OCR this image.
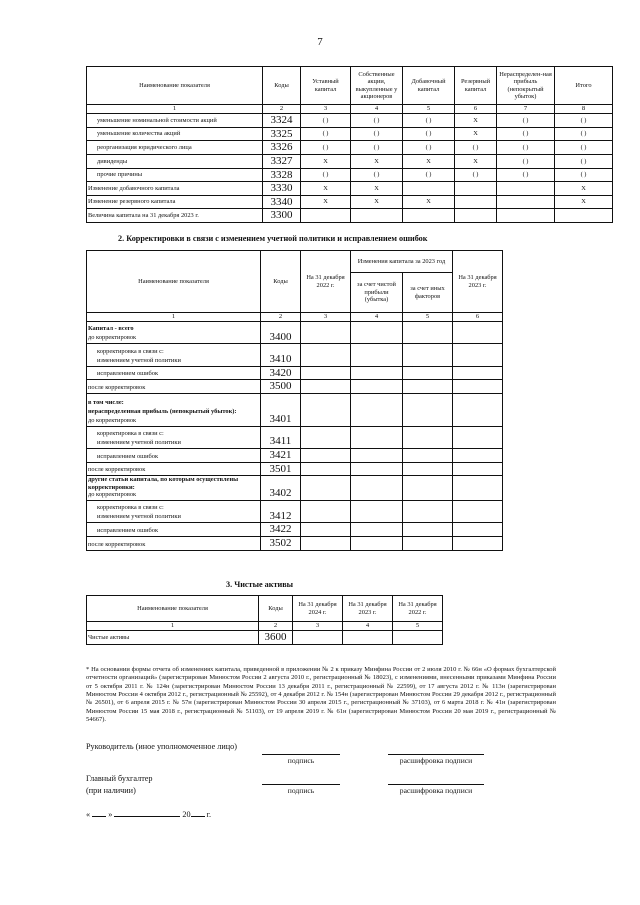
7
Наименование показателя	Коды	Уставный капитал	Собственные акции, выкупленные у акционеров	Добавочный капитал	Резервный капитал	Нераспределен-ная прибыль (непокрытый убыток)	Итого
1	2	3	4	5	6	7	8
уменьшение номинальной стоимости акций	3324	( )	( )	( )	X	( )	( )
уменьшение количества акций	3325	( )	( )	( )	X	( )	( )
реорганизация юридического лица	3326	( )	( )	( )	( )	( )	( )
дивиденды	3327	X	X	X	X	( )	( )
прочие причины	3328	( )	( )	( )	( )	( )	( )
Изменение добавочного капитала	3330	X	X				X
Изменение резервного капитала	3340	X	X	X			X
Величина капитала на 31 декабря 2023 г.	3300						
2. Корректировки в связи с изменением учетной политики и исправлением ошибок
Наименование показателя	Коды	На 31 декабря 2022 г.	Изменения капитала за 2023 год		На 31 декабря 2023 г.
			за счет чистой прибыли (убытка)	за счет иных факторов	
1	2	3	4	5	6

Капитал - всего
до корректировок	3400				

корректировка в связи с:
изменением учетной политики	3410				

исправлением ошибок	3420				

после корректировок	3500				

в том числе:
нераспределенная прибыль (непокрытый убыток):
до корректировок	3401				

корректировка в связи с:
изменением учетной политики	3411				

исправлением ошибок	3421				

после корректировок	3501				

другие статьи капитала, по которым осуществлены корректировки:
до корректировок	3402				

корректировка в связи с:
изменением учетной политики	3412				

исправлением ошибок	3422				

после корректировок	3502				
3. Чистые активы
Наименование показателя	Коды	На 31 декабря 2024 г.	На 31 декабря 2023 г.	На 31 декабря 2022 г.
1	2	3	4	5
Чистые активы	3600			
* На основании формы отчета об изменениях капитала, приведенной в приложении № 2 к приказу Минфина России от 2 июля 2010 г. № 66н «О формах бухгалтерской отчетности организаций» (зарегистрирован Минюстом России 2 августа 2010 г., регистрационный № 18023), с изменениями, внесенными приказами Минфина России от 5 октября 2011 г. № 124н (зарегистрирован Минюстом России 13 декабря 2011 г., регистрационный № 22599), от 17 августа 2012 г. № 113н (зарегистрирован Минюстом России 4 октября 2012 г., регистрационный № 25592), от 4 декабря 2012 г. № 154н (зарегистрирован Минюстом России 29 декабря 2012 г., регистрационный № 26501), от 6 апреля 2015 г. № 57н (зарегистрирован Минюстом России 30 апреля 2015 г., регистрационный № 37103), от 6 марта 2018 г. № 41н (зарегистрирован Минюстом России 15 мая 2018 г., регистрационный № 51103), от 19 апреля 2019 г. № 61н (зарегистрирован Минюстом России 20 мая 2019 г., регистрационный № 54667).
Руководитель (иное уполномоченное лицо)
подпись	расшифровка подписи
Главный бухгалтер
(при наличии)	подпись	расшифровка подписи
« »	20 г.
